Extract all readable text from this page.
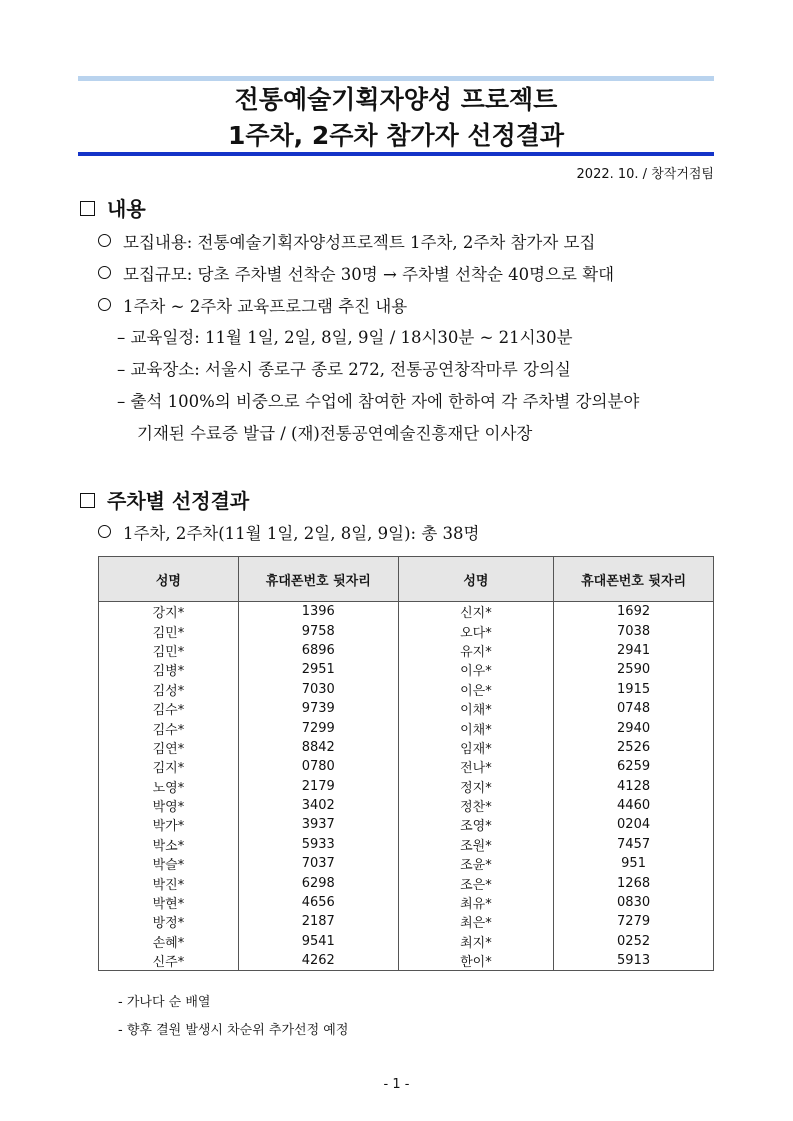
전통예술기획자양성 프로젝트
1주차, 2주차 참가자 선정결과
2022. 10. / 창작거점팀
내용
모집내용: 전통예술기획자양성프로젝트 1주차, 2주차 참가자 모집
모집규모: 당초 주차별 선착순 30명 → 주차별 선착순 40명으로 확대
1주차 ~ 2주차 교육프로그램 추진 내용
– 교육일정: 11월 1일, 2일, 8일, 9일 / 18시30분 ~ 21시30분
– 교육장소: 서울시 종로구 종로 272, 전통공연창작마루 강의실
– 출석 100%의 비중으로 수업에 참여한 자에 한하여 각 주차별 강의분야
기재된 수료증 발급 / (재)전통공연예술진흥재단 이사장
주차별 선정결과
1주차, 2주차(11월 1일, 2일, 8일, 9일): 총 38명
성명	휴대폰번호 뒷자리	성명	휴대폰번호 뒷자리
강지*	1396	신지*	1692
김민*	9758	오다*	7038
김민*	6896	유지*	2941
김병*	2951	이우*	2590
김성*	7030	이은*	1915
김수*	9739	이채*	0748
김수*	7299	이채*	2940
김연*	8842	임재*	2526
김지*	0780	전나*	6259
노영*	2179	정지*	4128
박영*	3402	정찬*	4460
박가*	3937	조영*	0204
박소*	5933	조원*	7457
박슬*	7037	조윤*	951
박진*	6298	조은*	1268
박현*	4656	최유*	0830
방정*	2187	최은*	7279
손혜*	9541	최지*	0252
신주*	4262	한이*	5913
- 가나다 순 배열
- 향후 결원 발생시 차순위 추가선정 예정
- 1 -
